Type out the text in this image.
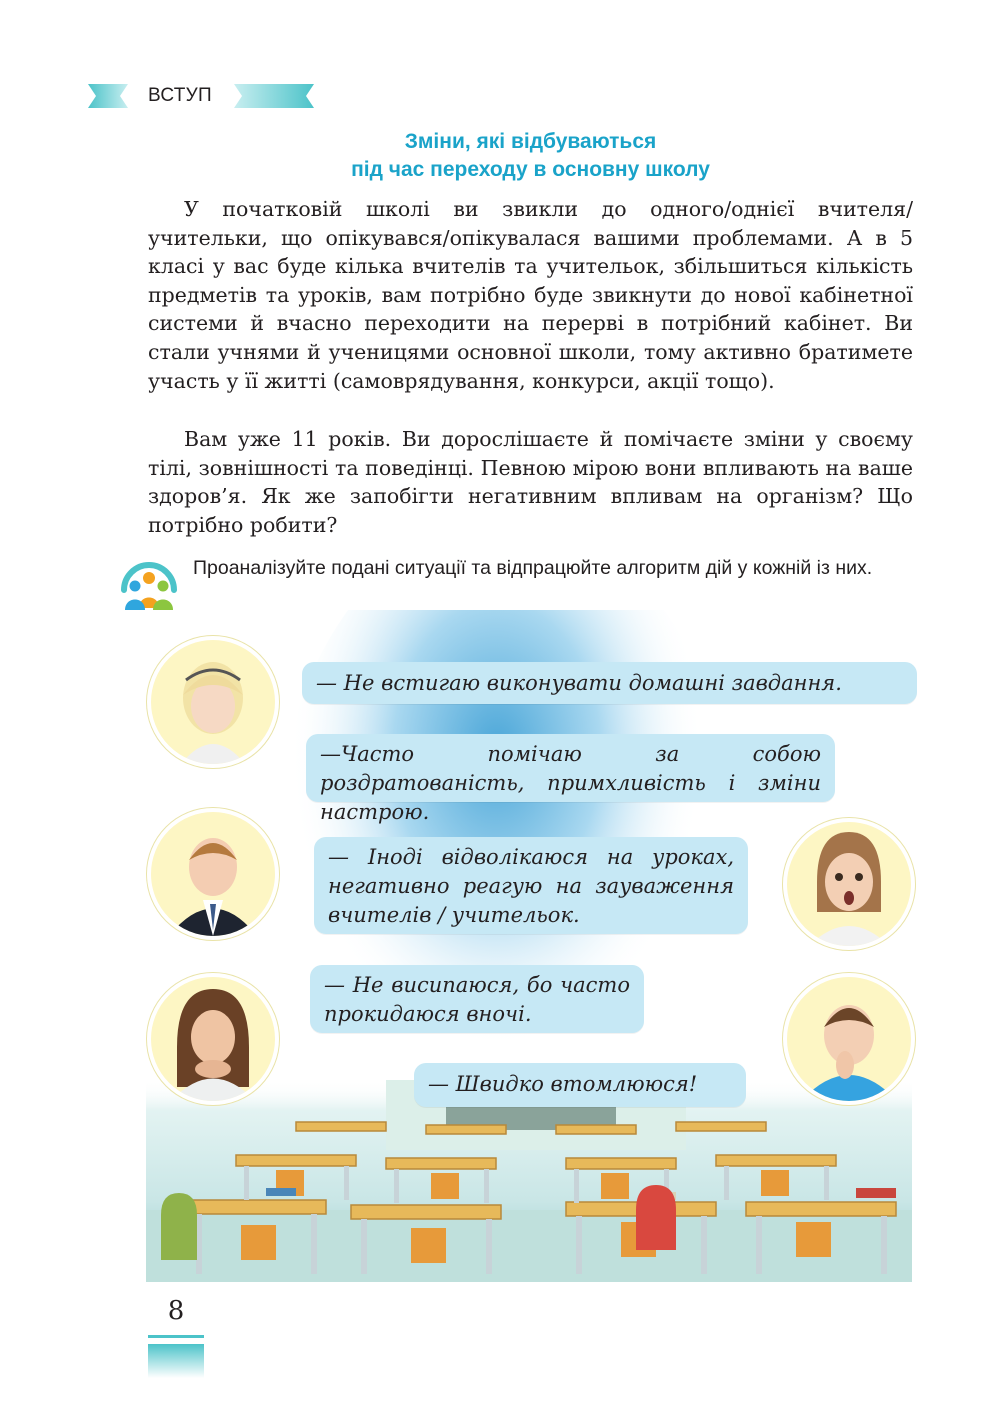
ВСТУП
Зміни, які відбуваються
під час переходу в основну школу

У початковій школі ви звикли до одного/однієї вчителя/учительки, що опікувався/опікувалася вашими проблемами. А в 5 класі у вас буде кілька вчителів та учительок, збільшиться кількість предметів та уроків, вам потрібно буде звикнути до нової кабінетної системи й вчасно переходити на перерві в потрібний кабінет. Ви стали учнями й ученицями основної школи, тому активно братимете участь у її житті (самоврядування, конкурси, акції тощо).

Вам уже 11 років. Ви дорослішаєте й помічаєте зміни у своєму тілі, зовнішності та поведінці. Певною мірою вони впливають на ваше здоров’я. Як же запобігти негативним впливам на організм? Що потрібно робити?

Проаналізуйте подані ситуації та відпрацюйте алгоритм дій у кожній із них.

— Не встигаю виконувати домашні завдання.
—Часто помічаю за собою роздратованість, примхливість і зміни настрою.
— Іноді відволікаюся на уроках, негативно реагую на зауваження вчителів / учительок.
— Не висипаюся, бо часто прокидаюся вночі.
— Швидко втомлююся!
8
